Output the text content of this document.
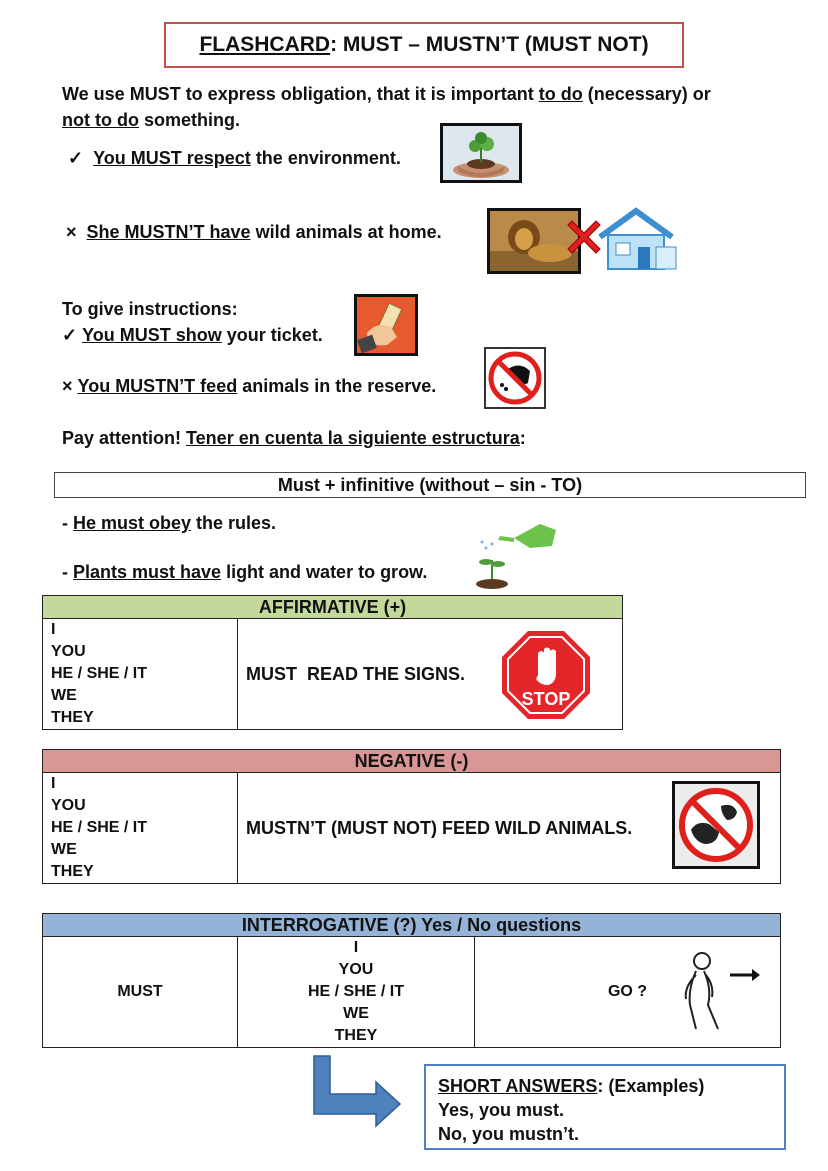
FLASHCARD : MUST – MUSTN’T (MUST NOT)
We use MUST to express obligation, that it is important to do (necessary) or
not to do something.
✓ You MUST respect the environment.
× She MUSTN’T have wild animals at home.
To give instructions:
✓ You MUST show your ticket.
× You MUSTN’T feed animals in the reserve.
Pay attention! Tener en cuenta la siguiente estructura:
Must + infinitive (without – sin - TO)
- He must obey the rules.
- Plants must have light and water to grow.
AFFIRMATIVE (+)

I
YOU
HE / SHE / IT
WE
THEY
	MUST  READ THE SIGNS.
STOP
NEGATIVE (-)

I
YOU
HE / SHE / IT
WE
THEY
	MUSTN’T (MUST NOT) FEED WILD ANIMALS.
INTERROGATIVE (?) Yes / No questions
MUST	
I
YOU
HE / SHE / IT
WE
THEY
	GO ?
SHORT ANSWERS: (Examples)
Yes, you must.
No, you mustn’t.
